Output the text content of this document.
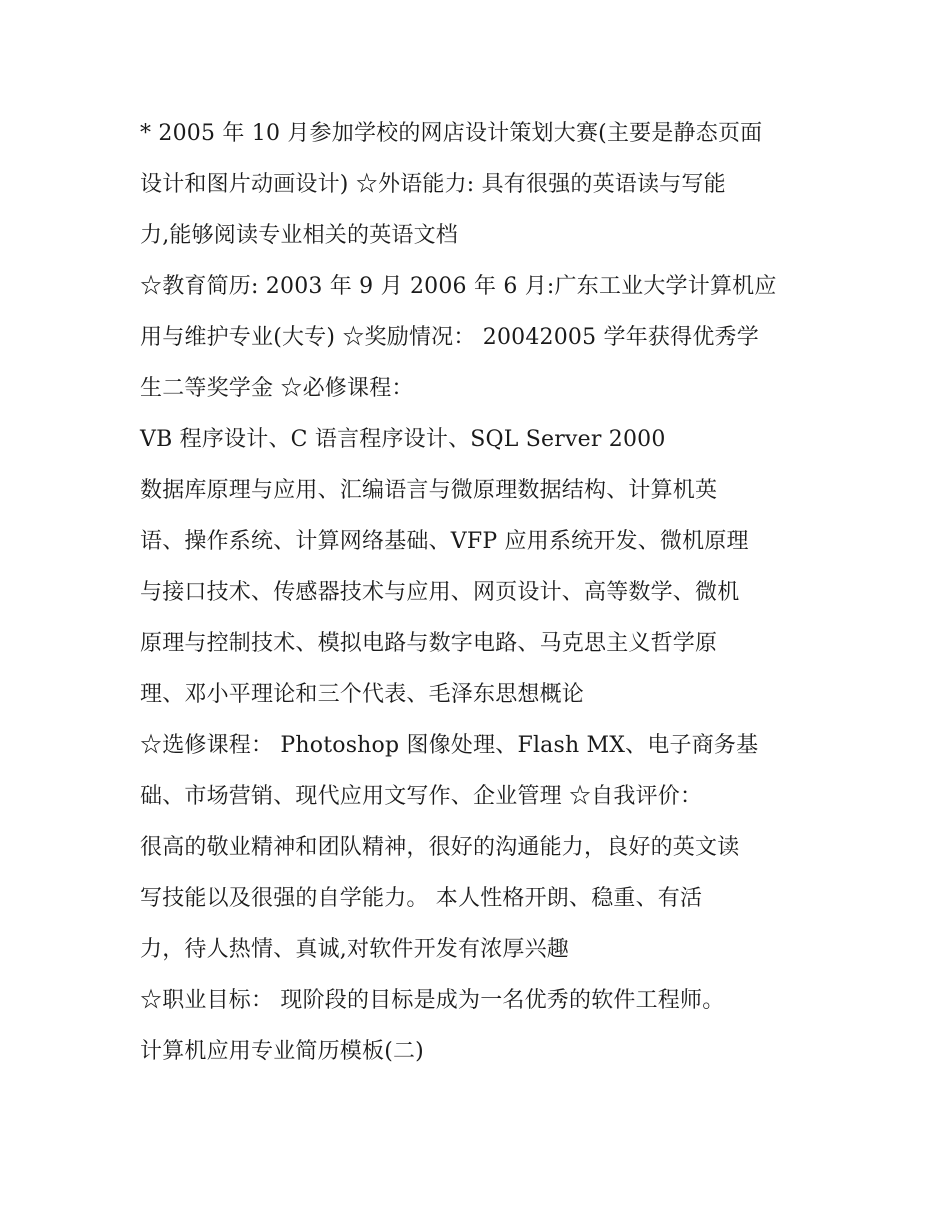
* 2005 年 10 月参加学校的网店设计策划大赛(主要是静态页面
设计和图片动画设计) ☆外语能力: 具有很强的英语读与写能
力,能够阅读专业相关的英语文档
☆教育简历: 2003 年 9 月 2006 年 6 月:广东工业大学计算机应
用与维护专业(大专) ☆奖励情况： 20042005 学年获得优秀学
生二等奖学金 ☆必修课程：
VB 程序设计、C 语言程序设计、SQL Server 2000
数据库原理与应用、汇编语言与微原理数据结构、计算机英
语、操作系统、计算网络基础、VFP 应用系统开发、微机原理
与接口技术、传感器技术与应用、网页设计、高等数学、微机
原理与控制技术、模拟电路与数字电路、马克思主义哲学原
理、邓小平理论和三个代表、毛泽东思想概论
☆选修课程： Photoshop 图像处理、Flash MX、电子商务基
础、市场营销、现代应用文写作、企业管理 ☆自我评价：
很高的敬业精神和团队精神，很好的沟通能力，良好的英文读
写技能以及很强的自学能力。 本人性格开朗、稳重、有活
力，待人热情、真诚,对软件开发有浓厚兴趣
☆职业目标： 现阶段的目标是成为一名优秀的软件工程师。
计算机应用专业简历模板(二)
